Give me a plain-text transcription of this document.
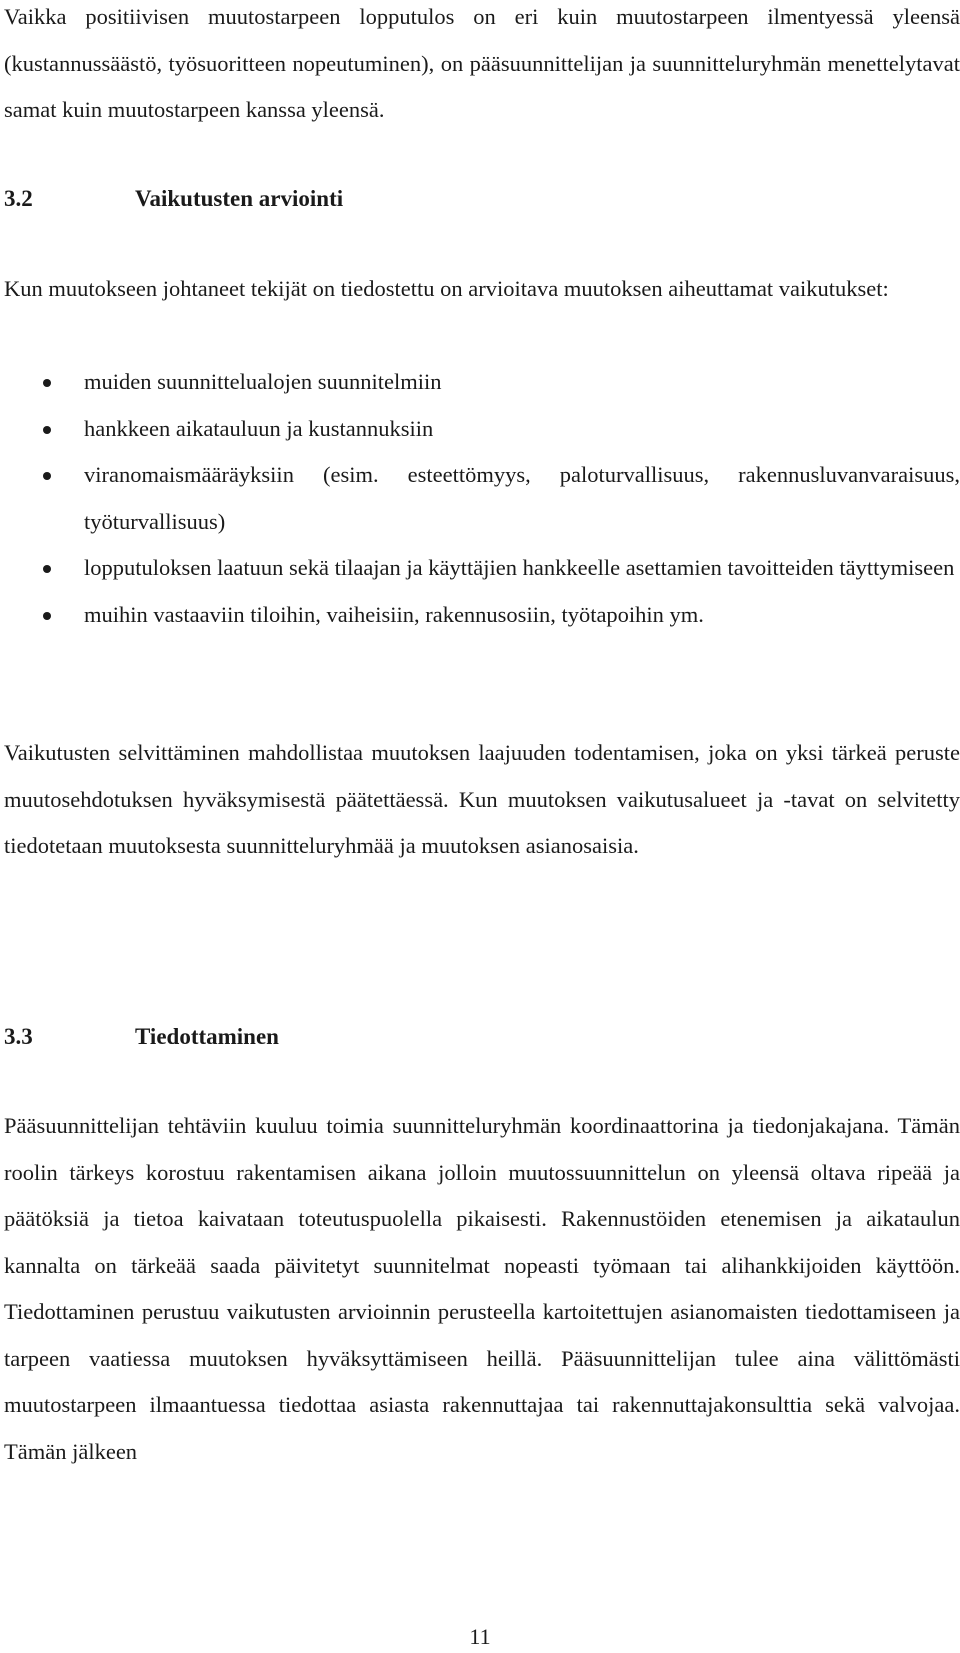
Vaikka positiivisen muutostarpeen lopputulos on eri kuin muutostarpeen ilmentyessä yleensä (kustannussäästö, työsuoritteen nopeutuminen), on pääsuunnittelijan ja suunnitteluryhmän menettelytavat samat kuin muutostarpeen kanssa yleensä.

3.2	Vaikutusten arviointi

Kun muutokseen johtaneet tekijät on tiedostettu on arvioitava muutoksen aiheuttamat vaikutukset:

muiden suunnittelualojen suunnitelmiin
hankkeen aikatauluun ja kustannuksiin
viranomaismääräyksiin (esim. esteettömyys, paloturvallisuus, rakennusluvanvaraisuus, työturvallisuus)
lopputuloksen laatuun sekä tilaajan ja käyttäjien hankkeelle asettamien tavoitteiden täyttymiseen
muihin vastaaviin tiloihin, vaiheisiin, rakennusosiin, työtapoihin ym.

Vaikutusten selvittäminen mahdollistaa muutoksen laajuuden todentamisen, joka on yksi tärkeä peruste muutosehdotuksen hyväksymisestä päätettäessä. Kun muutoksen vaikutusalueet ja -tavat on selvitetty tiedotetaan muutoksesta suunnitteluryhmää ja muutoksen asianosaisia.

3.3	Tiedottaminen

Pääsuunnittelijan tehtäviin kuuluu toimia suunnitteluryhmän koordinaattorina ja tiedonjakajana. Tämän roolin tärkeys korostuu rakentamisen aikana jolloin muutossuunnittelun on yleensä oltava ripeää ja päätöksiä ja tietoa kaivataan toteutuspuolella pikaisesti. Rakennustöiden etenemisen ja aikataulun kannalta on tärkeää saada päivitetyt suunnitelmat nopeasti työmaan tai alihankkijoiden käyttöön. Tiedottaminen perustuu vaikutusten arvioinnin perusteella kartoitettujen asianomaisten tiedottamiseen ja tarpeen vaatiessa muutoksen hyväksyttämiseen heillä. Pääsuunnittelijan tulee aina välittömästi muutostarpeen ilmaantuessa tiedottaa asiasta rakennuttajaa tai rakennuttajakonsulttia sekä valvojaa. Tämän jälkeen

11
